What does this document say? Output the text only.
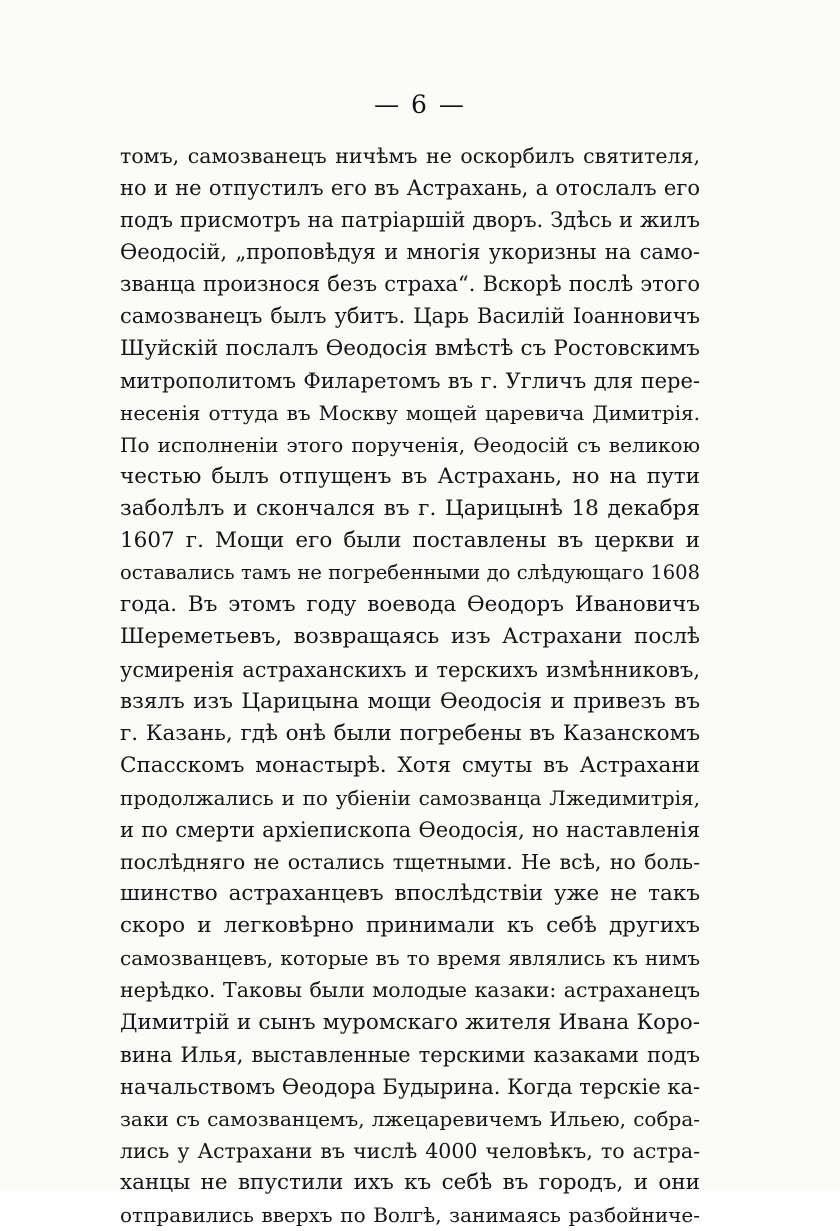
— 6 —
томъ, самозванецъ ничѣмъ не оскорбилъ святителя,
но и не отпустилъ его въ Астрахань, а отослалъ его
подъ присмотръ на патріаршій дворъ. Здѣсь и жилъ
Ѳеодосій, „проповѣдуя и многія укоризны на само-
званца произнося безъ страха“. Вскорѣ послѣ этого
самозванецъ былъ убитъ. Царь Василій Іоанновичъ
Шуйскій послалъ Ѳеодосія вмѣстѣ съ Ростовскимъ
митрополитомъ Филаретомъ въ г. Угличъ для пере-
несенія оттуда въ Москву мощей царевича Димитрія.
По исполненіи этого порученія, Ѳеодосій съ великою
честью былъ отпущенъ въ Астрахань, но на пути
заболѣлъ и скончался въ г. Царицынѣ 18 декабря
1607 г. Мощи его были поставлены въ церкви и
оставались тамъ не погребенными до слѣдующаго 1608
года. Въ этомъ году воевода Ѳеодоръ Ивановичъ
Шереметьевъ, возвращаясь изъ Астрахани послѣ
усмиренія астраханскихъ и терскихъ измѣнниковъ,
взялъ изъ Царицына мощи Ѳеодосія и привезъ въ
г. Казань, гдѣ онѣ были погребены въ Казанскомъ
Спасскомъ монастырѣ. Хотя смуты въ Астрахани
продолжались и по убіеніи самозванца Лжедимитрія,
и по смерти архіепископа Ѳеодосія, но наставленія
послѣдняго не остались тщетными. Не всѣ, но боль-
шинство астраханцевъ впослѣдствіи уже не такъ
скоро и легковѣрно принимали къ себѣ другихъ
самозванцевъ, которые въ то время являлись къ нимъ
нерѣдко. Таковы были молодые казаки: астраханецъ
Димитрій и сынъ муромскаго жителя Ивана Коро-
вина Илья, выставленные терскими казаками подъ
начальствомъ Ѳеодора Будырина. Когда терскіе ка-
заки съ самозванцемъ, лжецаревичемъ Ильею, собра-
лись у Астрахани въ числѣ 4000 человѣкъ, то астра-
ханцы не впустили ихъ къ себѣ въ городъ, и они
отправились вверхъ по Волгѣ, занимаясь разбойниче-
